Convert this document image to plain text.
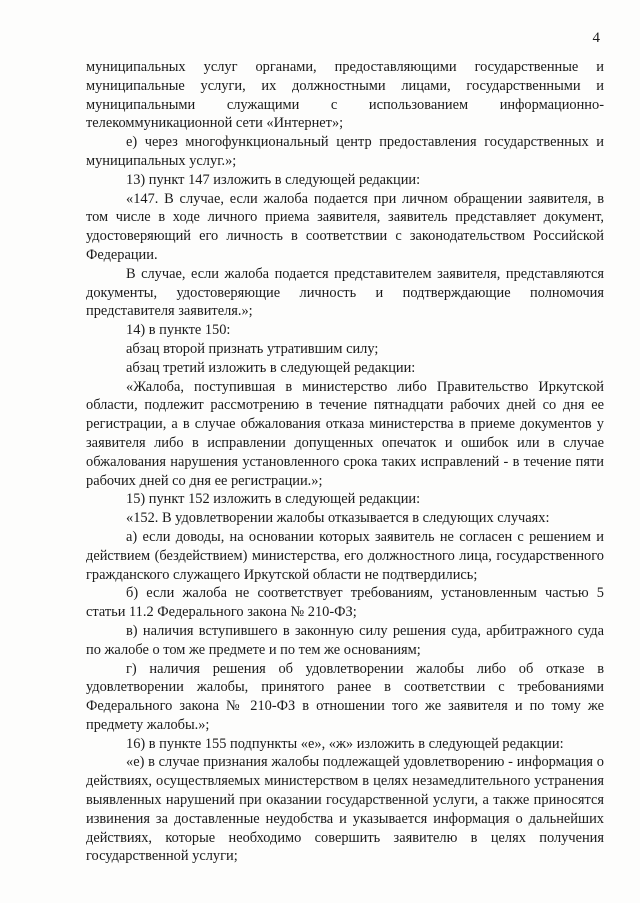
4

муниципальных услуг органами, предоставляющими государственные и муниципальные услуги, их должностными лицами, государственными и муниципальными служащими с использованием информационно-телекоммуникационной сети «Интернет»;

е) через многофункциональный центр предоставления государственных и муниципальных услуг.»;

13) пункт 147 изложить в следующей редакции:

«147. В случае, если жалоба подается при личном обращении заявителя, в том числе в ходе личного приема заявителя, заявитель представляет документ, удостоверяющий его личность в соответствии с законодательством Российской Федерации.

В случае, если жалоба подается представителем заявителя, представляются документы, удостоверяющие личность и подтверждающие полномочия представителя заявителя.»;

14) в пункте 150:

абзац второй признать утратившим силу;

абзац третий изложить в следующей редакции:

«Жалоба, поступившая в министерство либо Правительство Иркутской области, подлежит рассмотрению в течение пятнадцати рабочих дней со дня ее регистрации, а в случае обжалования отказа министерства в приеме документов у заявителя либо в исправлении допущенных опечаток и ошибок или в случае обжалования нарушения установленного срока таких исправлений - в течение пяти рабочих дней со дня ее регистрации.»;

15) пункт 152 изложить в следующей редакции:

«152. В удовлетворении жалобы отказывается в следующих случаях:

а) если доводы, на основании которых заявитель не согласен с решением и действием (бездействием) министерства, его должностного лица, государственного гражданского служащего Иркутской области не подтвердились;

б) если жалоба не соответствует требованиям, установленным частью 5 статьи 11.2 Федерального закона № 210-ФЗ;

в) наличия вступившего в законную силу решения суда, арбитражного суда по жалобе о том же предмете и по тем же основаниям;

г) наличия решения об удовлетворении жалобы либо об отказе в удовлетворении жалобы, принятого ранее в соответствии с требованиями Федерального закона № 210-ФЗ в отношении того же заявителя и по тому же предмету жалобы.»;

16) в пункте 155 подпункты «е», «ж» изложить в следующей редакции:

«е) в случае признания жалобы подлежащей удовлетворению - информация о действиях, осуществляемых министерством в целях незамедлительного устранения выявленных нарушений при оказании государственной услуги, а также приносятся извинения за доставленные неудобства и указывается информация о дальнейших действиях, которые необходимо совершить заявителю в целях получения государственной услуги;
